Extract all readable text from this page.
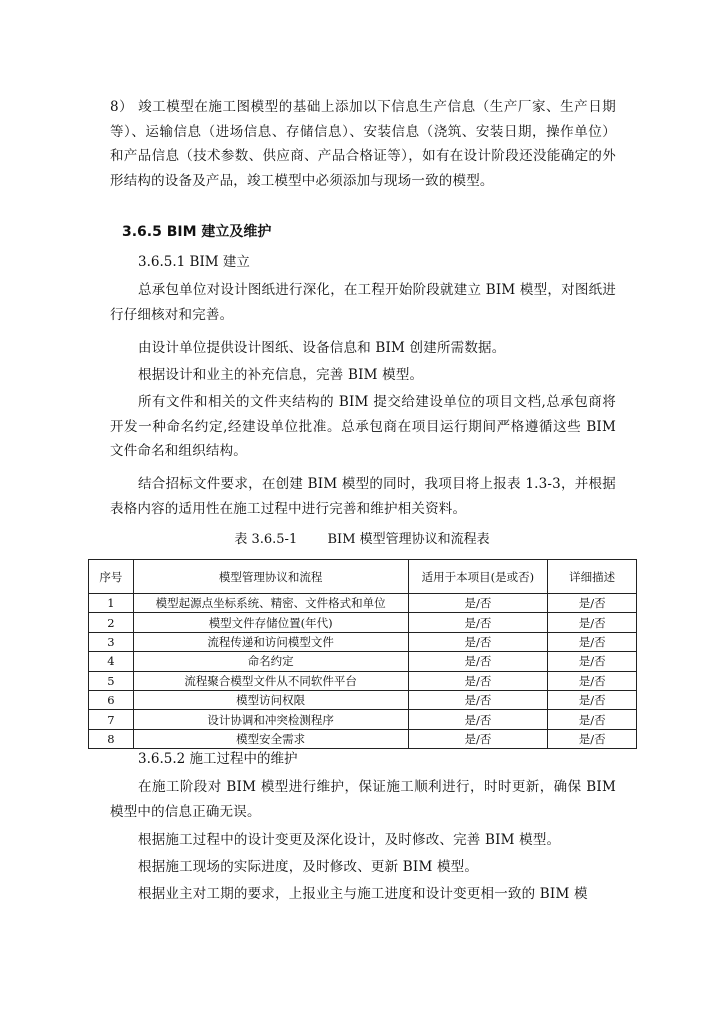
8） 竣工模型在施工图模型的基础上添加以下信息生产信息（生产厂家、生产日期等）、运输信息（进场信息、存储信息）、安装信息（浇筑、安装日期，操作单位）和产品信息（技术参数、供应商、产品合格证等），如有在设计阶段还没能确定的外形结构的设备及产品，竣工模型中必须添加与现场一致的模型。

3.6.5 BIM 建立及维护
3.6.5.1 BIM 建立

总承包单位对设计图纸进行深化，在工程开始阶段就建立 BIM 模型，对图纸进行仔细核对和完善。

由设计单位提供设计图纸、设备信息和 BIM 创建所需数据。

根据设计和业主的补充信息，完善 BIM 模型。

所有文件和相关的文件夹结构的 BIM 提交给建设单位的项目文档,总承包商将开发一种命名约定,经建设单位批准。总承包商在项目运行期间严格遵循这些 BIM 文件命名和组织结构。

结合招标文件要求，在创建 BIM 模型的同时，我项目将上报表 1.3-3，并根据表格内容的适用性在施工过程中进行完善和维护相关资料。

表 3.6.5-1 BIM 模型管理协议和流程表
序号	模型管理协议和流程	适用于本项目(是或否)	详细描述
1	模型起源点坐标系统、精密、文件格式和单位	是/否	是/否
2	模型文件存储位置(年代)	是/否	是/否
3	流程传递和访问模型文件	是/否	是/否
4	命名约定	是/否	是/否
5	流程聚合模型文件从不同软件平台	是/否	是/否
6	模型访问权限	是/否	是/否
7	设计协调和冲突检测程序	是/否	是/否
8	模型安全需求	是/否	是/否
3.6.5.2 施工过程中的维护

在施工阶段对 BIM 模型进行维护，保证施工顺利进行，时时更新，确保 BIM 模型中的信息正确无误。

根据施工过程中的设计变更及深化设计，及时修改、完善 BIM 模型。

根据施工现场的实际进度，及时修改、更新 BIM 模型。

根据业主对工期的要求，上报业主与施工进度和设计变更相一致的 BIM 模
